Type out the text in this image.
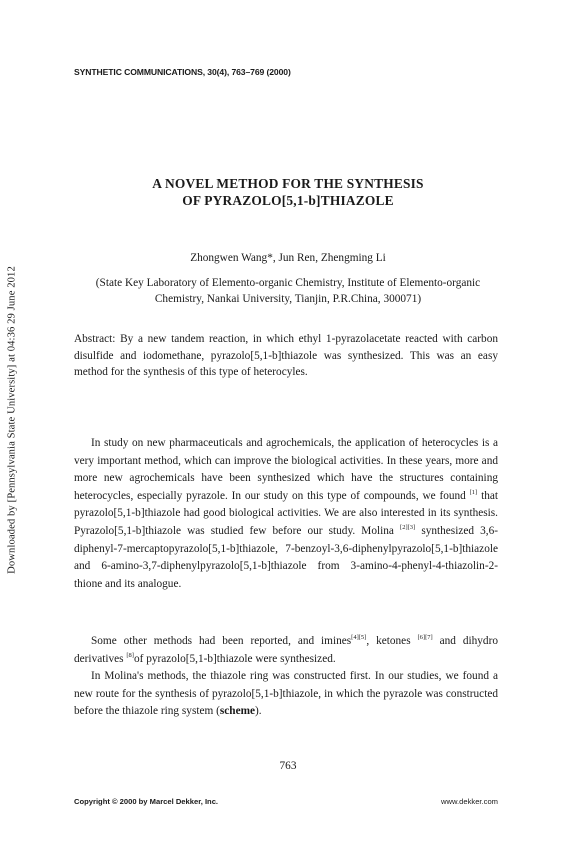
SYNTHETIC COMMUNICATIONS, 30(4), 763–769 (2000)
Downloaded by [Pennsylvania State University] at 04:36 29 June 2012
A NOVEL METHOD FOR THE SYNTHESIS
OF PYRAZOLO[5,1-b]THIAZOLE
Zhongwen Wang*, Jun Ren, Zhengming Li
(State Key Laboratory of Elemento-organic Chemistry, Institute of Elemento-organic Chemistry, Nankai University, Tianjin, P.R.China, 300071)
Abstract: By a new tandem reaction, in which ethyl 1-pyrazolacetate reacted with carbon disulfide and iodomethane, pyrazolo[5,1-b]thiazole was synthesized. This was an easy method for the synthesis of this type of heterocyles.
In study on new pharmaceuticals and agrochemicals, the application of heterocycles is a very important method, which can improve the biological activities. In these years, more and more new agrochemicals have been synthesized which have the structures containing heterocycles, especially pyrazole. In our study on this type of compounds, we found [1] that pyrazolo[5,1-b]thiazole had good biological activities. We are also interested in its synthesis. Pyrazolo[5,1-b]thiazole was studied few before our study. Molina [2][3] synthesized 3,6-diphenyl-7-mercaptopyrazolo[5,1-b]thiazole, 7-benzoyl-3,6-diphenylpyrazolo[5,1-b]thiazole and 6-amino-3,7-diphenylpyrazolo[5,1-b]thiazole from 3-amino-4-phenyl-4-thiazolin-2-thione and its analogue.
Some other methods had been reported, and imines[4][5], ketones [6][7] and dihydro derivatives [8]of pyrazolo[5,1-b]thiazole were synthesized.
In Molina's methods, the thiazole ring was constructed first. In our studies, we found a new route for the synthesis of pyrazolo[5,1-b]thiazole, in which the pyrazole was constructed before the thiazole ring system (scheme).
763
Copyright © 2000 by Marcel Dekker, Inc.	www.dekker.com
